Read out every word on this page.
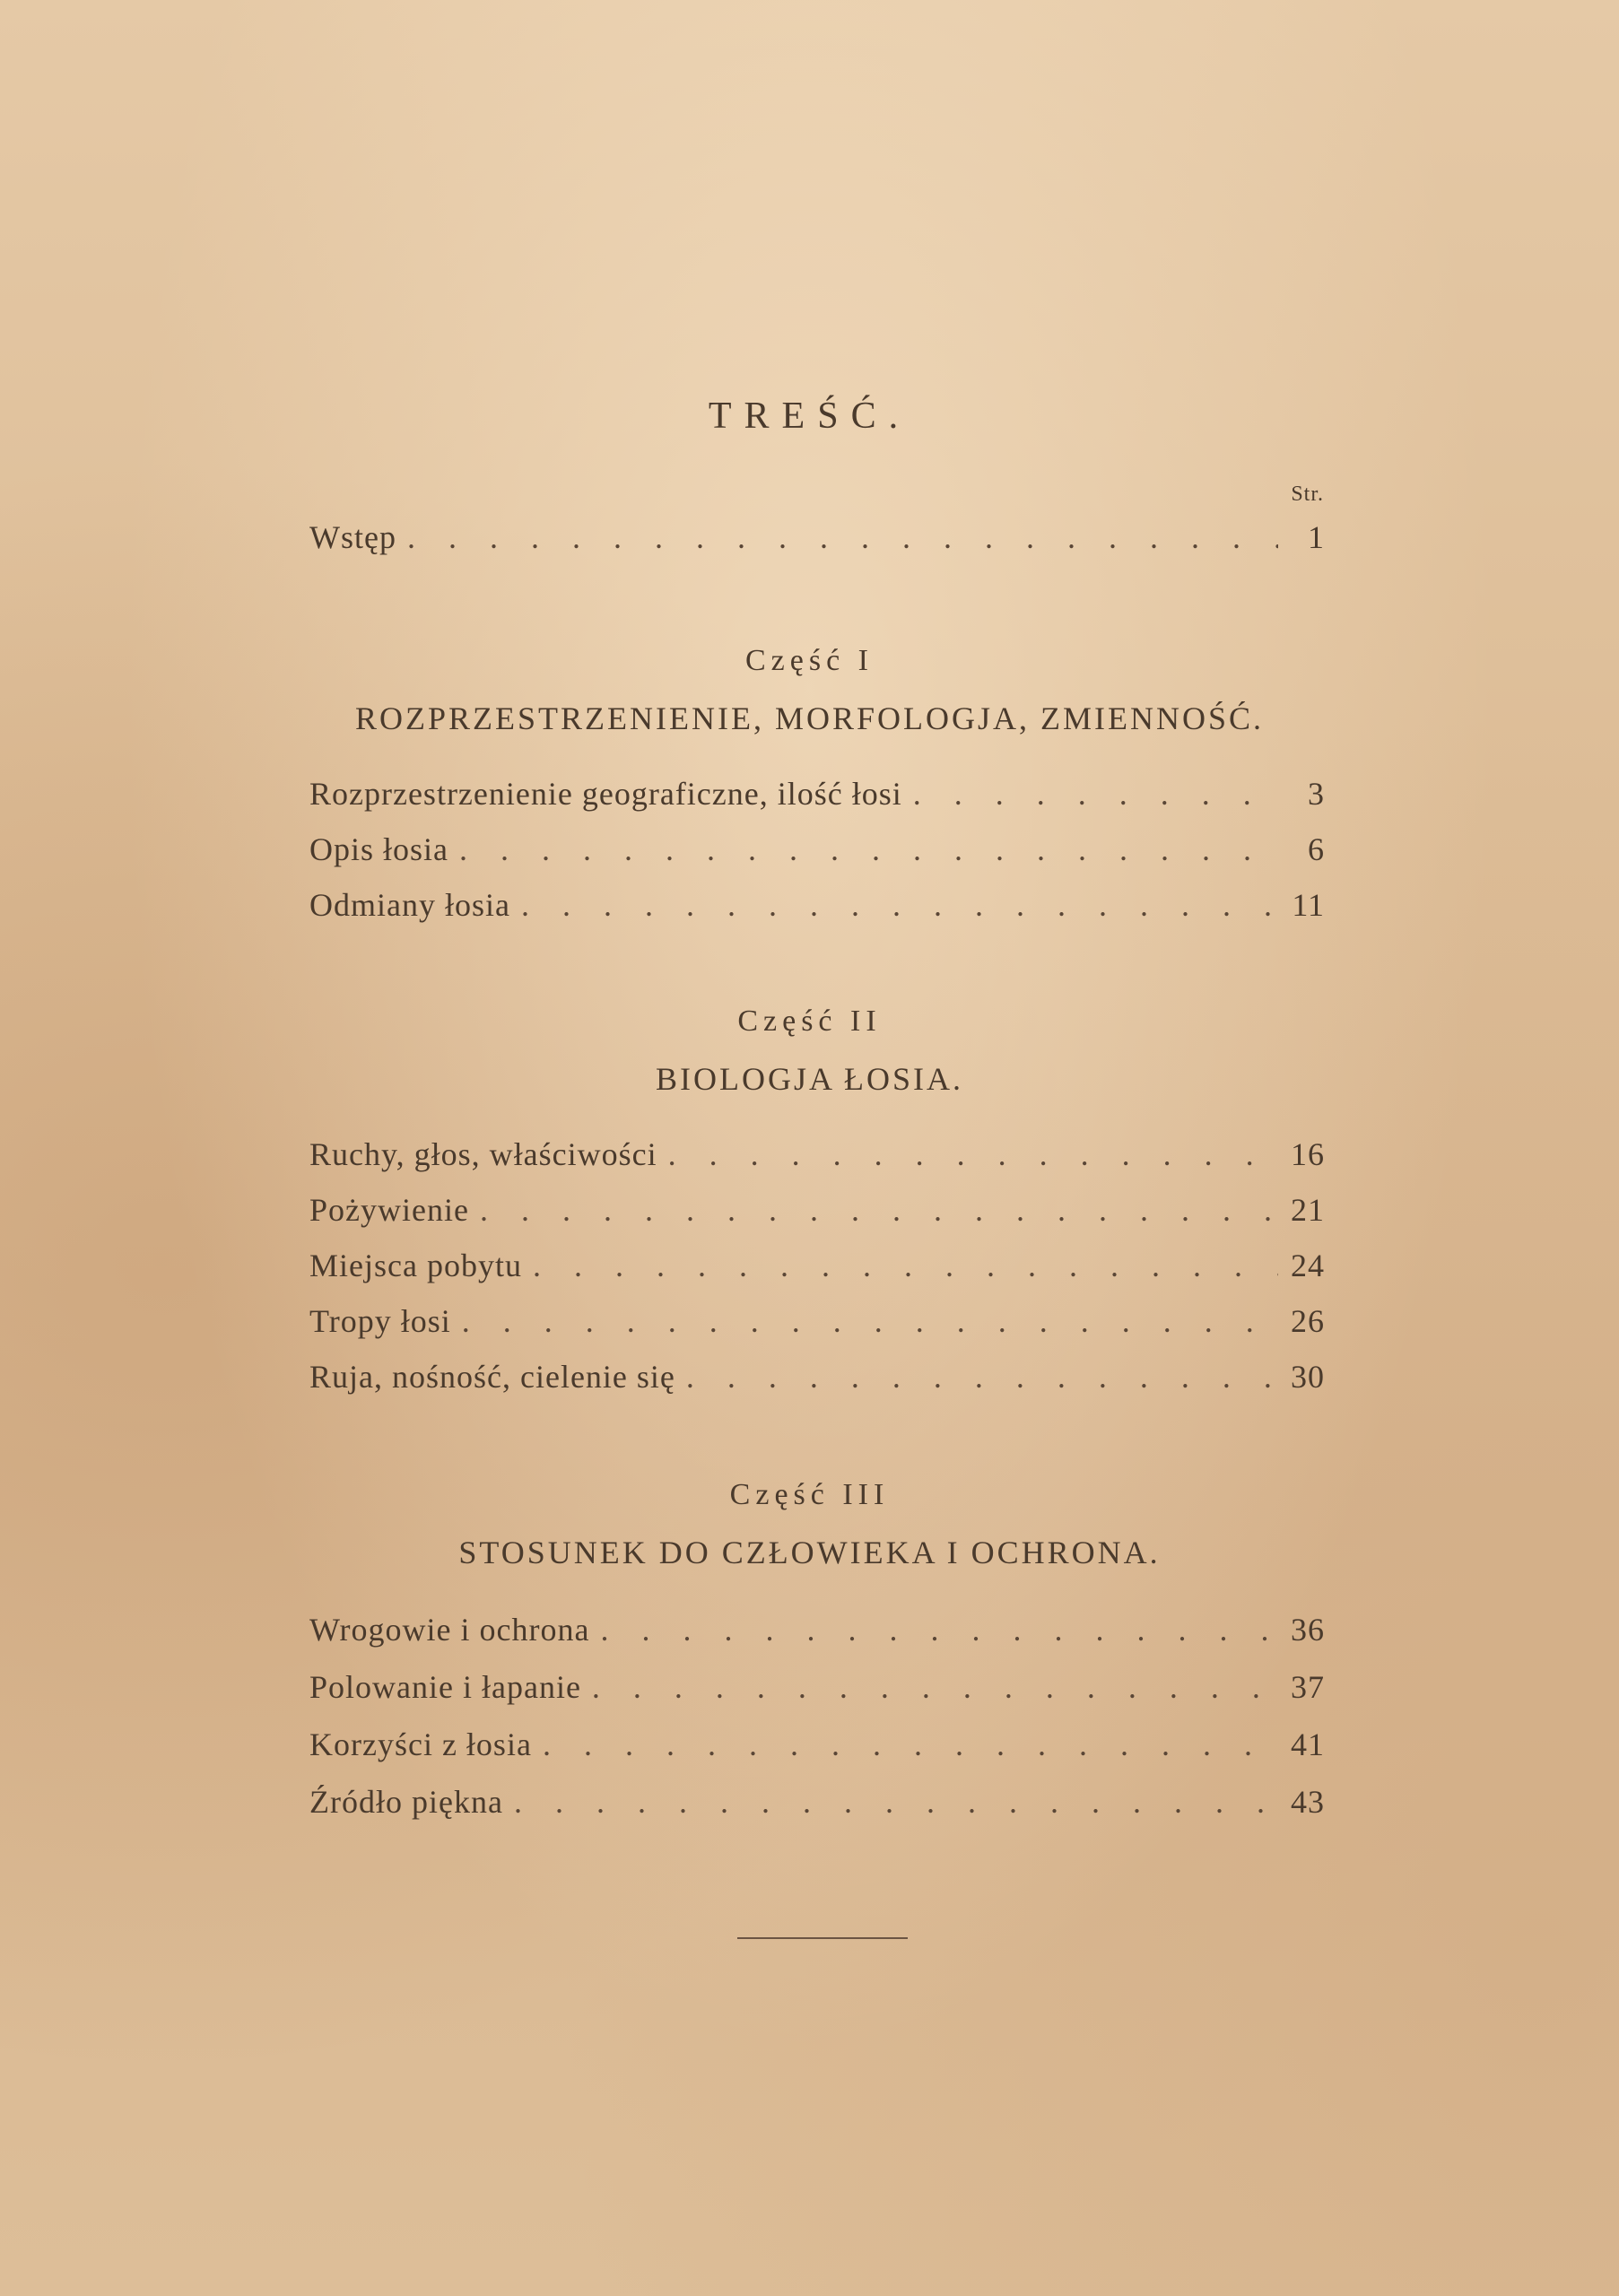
TREŚĆ.
Str.
Wstęp . . .	1
Część I
ROZPRZESTRZENIENIE, MORFOLOGJA, ZMIENNOŚĆ.
Rozprzestrzenienie geograficzne, ilość łosi . . .	3
Opis łosia . . .	6
Odmiany łosia . . .	11
Część II
BIOLOGJA ŁOSIA.
Ruchy, głos, właściwości . . .	16
Pożywienie . . .	21
Miejsca pobytu . . .	24
Tropy łosi . . .	26
Ruja, nośność, cielenie się . . .	30
Część III
STOSUNEK DO CZŁOWIEKA I OCHRONA.
Wrogowie i ochrona . . .	36
Polowanie i łapanie . . .	37
Korzyści z łosia . . .	41
Źródło piękna . . .	43
